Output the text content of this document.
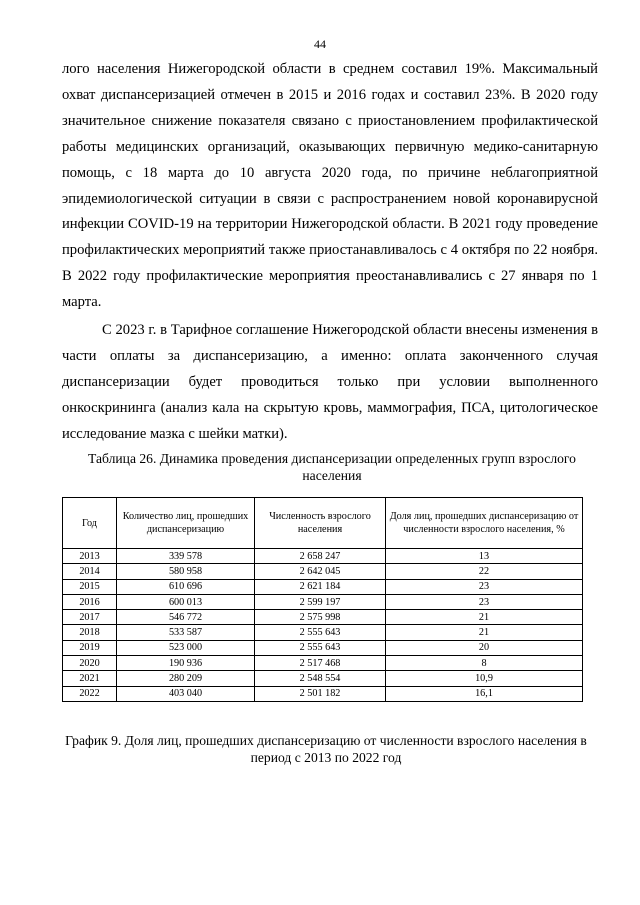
44

лого населения Нижегородской области в среднем составил 19%. Максимальный охват диспансеризацией отмечен в 2015 и 2016 годах и составил 23%. В 2020 году значительное снижение показателя связано с приостановлением профилактической работы медицинских организаций, оказывающих первичную медико-санитарную помощь, с 18 марта до 10 августа 2020 года, по причине неблагоприятной эпидемиологической ситуации в связи с распространением новой коронавирусной инфекции COVID-19 на территории Нижегородской области. В 2021 году проведение профилактических мероприятий также приостанавливалось с 4 октября по 22 ноября. В 2022 году профилактические мероприятия преостанавливались с 27 января по 1 марта.

С 2023 г. в Тарифное соглашение Нижегородской области внесены изменения в части оплаты за диспансеризацию, а именно: оплата законченного случая диспансеризации будет проводиться только при условии выполненного онкоскрининга (анализ кала на скрытую кровь, маммография, ПСА, цитологическое исследование мазка с шейки матки).

Таблица 26. Динамика проведения диспансеризации определенных групп взрослого населения
Год	Количество лиц, прошедших диспансеризацию	Численность взрослого населения	Доля лиц, прошедших диспансеризацию от численности взрослого населения, %
2013	339 578	2 658 247	13
2014	580 958	2 642 045	22
2015	610 696	2 621 184	23
2016	600 013	2 599 197	23
2017	546 772	2 575 998	21
2018	533 587	2 555 643	21
2019	523 000	2 555 643	20
2020	190 936	2 517 468	8
2021	280 209	2 548 554	10,9
2022	403 040	2 501 182	16,1
График 9. Доля лиц, прошедших диспансеризацию от численности взрослого населения в период с 2013 по 2022 год
